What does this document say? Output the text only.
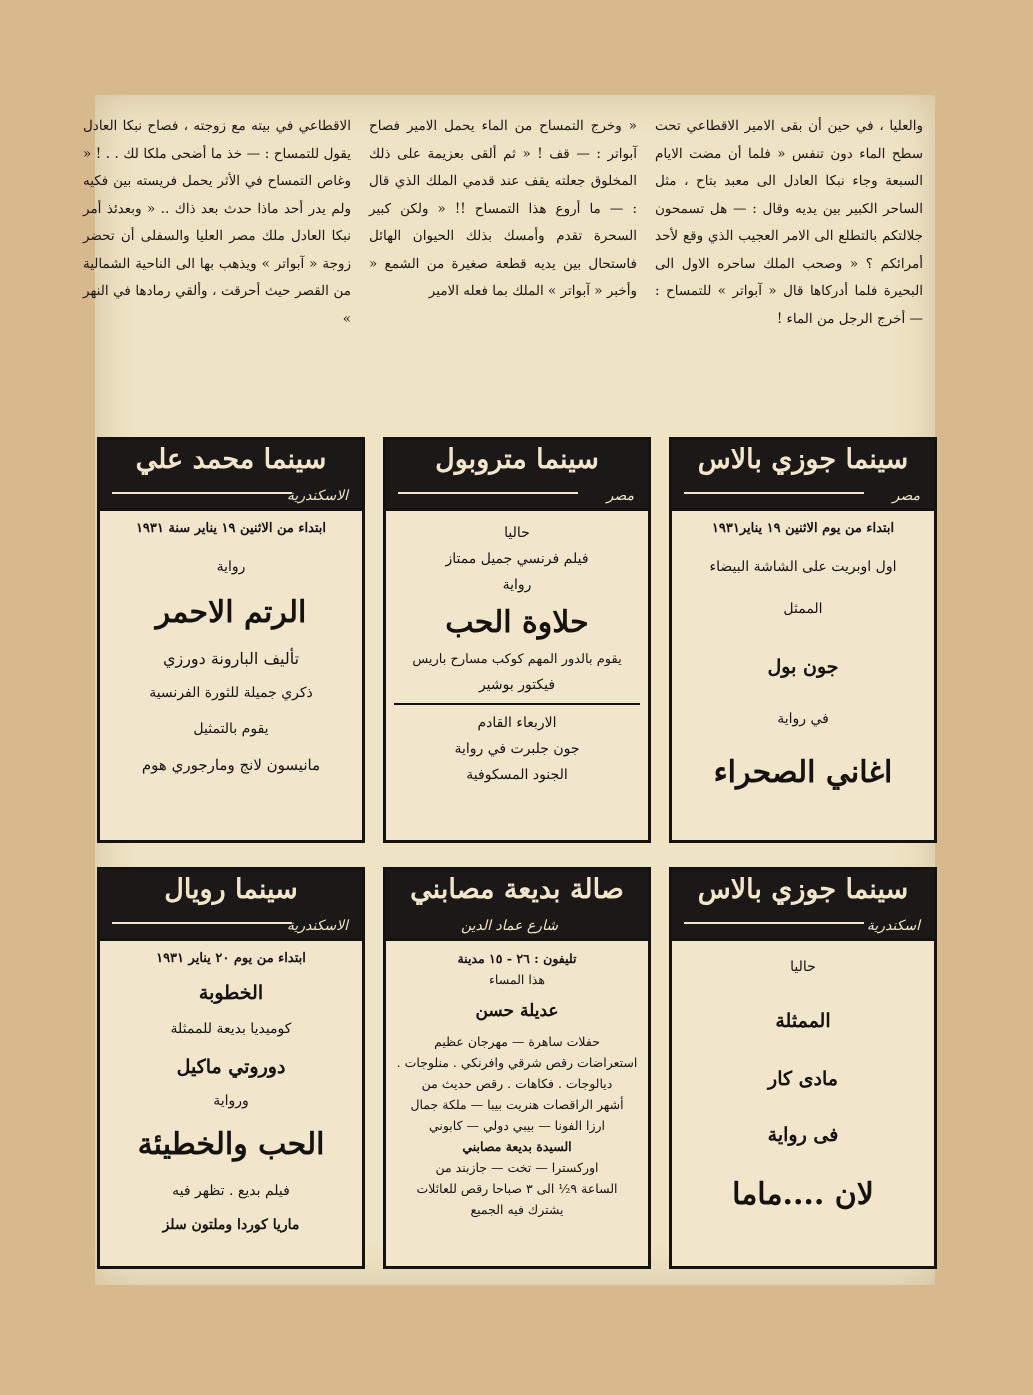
والعليا ، في حين أن بقى الامير الاقطاعي تحت سطح الماء دون تنفس « فلما أن مضت الايام السبعة وجاء نبكا العادل الى معبد بتاح ، مثل الساحر الكبير بين يديه وقال : — هل تسمحون جلالتكم بالتطلع الى الامر العجيب الذي وقع لأحد أمرائكم ؟ « وصحب الملك ساحره الاول الى البحيرة فلما أدركاها قال « آبواتر » للتمساح : — أخرج الرجل من الماء !

« وخرج التمساح من الماء يحمل الامير فصاح آبواتر : — قف ! « ثم ألقى بعزيمة على ذلك المخلوق جعلته يقف عند قدمي الملك الذي قال : — ما أروع هذا التمساح !! « ولكن كبير السحرة تقدم وأمسك بذلك الحيوان الهائل فاستحال بين يديه قطعة صغيرة من الشمع « وأخبر « آبواتر » الملك بما فعله الامير

الاقطاعي في بيته مع زوجته ، فصاح نبكا العادل يقول للتمساح : — خذ ما أضحى ملكا لك . . ! « وغاص التمساح في الأثر يحمل فريسته بين فكيه ولم يدر أحد ماذا حدث بعد ذاك .. « وبعدئذ أمر نبكا العادل ملك مصر العليا والسفلى أن تحضر زوجة « آبواتر » ويذهب بها الى الناحية الشمالية من القصر حيث أحرقت ، وألقي رمادها في النهر »

سينما جوزي بالاس
مصر
ابتداء من يوم الاثنين ١٩ يناير١٩٣١
اول اوبريت على الشاشة البيضاء
الممثل
جون بول
في رواية
اغاني الصحراء
سينما متروبول
مصر
حاليا
فيلم فرنسي جميل ممتاز
رواية
حلاوة الحب
يقوم بالدور المهم كوكب مسارح باريس
فيكتور بوشير
الاربعاء القادم
جون جلبرت في رواية
الجنود المسكوفية
سينما محمد علي
الاسكندرية
ابتداء من الاثنين ١٩ يناير سنة ١٩٣١
رواية
الرتم الاحمر
تأليف البارونة دورزي
ذكري جميلة للثورة الفرنسية
يقوم بالتمثيل
مانيسون لانج ومارجوري هوم
سينما جوزي بالاس
اسكندرية
حاليا
الممثلة
مادى كار
فى رواية
لان ....ماما
صالة بديعة مصابني
شارع عماد الدين
تليفون : ٢٦ - ١٥ مدينة
هذا المساء
عديلة حسن
حفلات ساهرة — مهرجان عظيم
استعراضات رقص شرقي وافرنكي . منلوجات .
ديالوجات . فكاهات . رقص حديث من
أشهر الراقصات هنريت بيبا — ملكة جمال
ارزا الفونا — بيبي دولي — كابوني
السيدة بديعة مصابني
اوركسترا — تخت — جازبند من
الساعة ٩½ الى ٣ صباحا رقص للعائلات
يشترك فيه الجميع
سينما رويال
الاسكندرية
ابتداء من يوم ٢٠ يناير ١٩٣١
الخطوبة
كوميديا بديعة للممثلة
دوروتي ماكيل
ورواية
الحب والخطيئة
فيلم بديع . تظهر فيه
ماريا كوردا وملتون سلز
